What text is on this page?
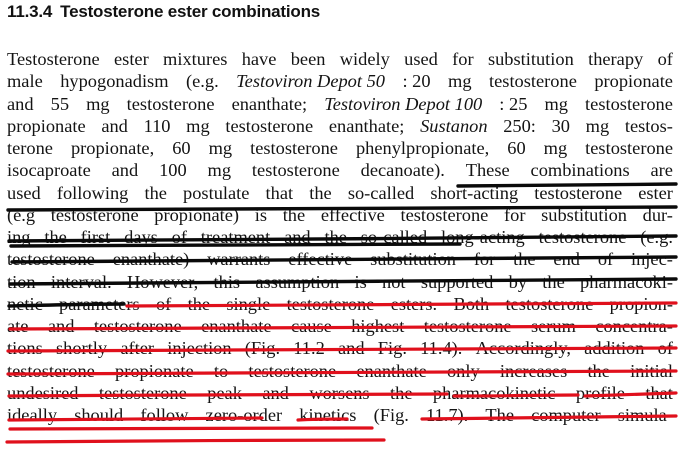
11.3.4 Testosterone ester combinations
Testosterone ester mixtures have been widely used for substitution therapy of
male hypogonadism (e.g. Testoviron Depot 50 : 20 mg testosterone propionate
and 55 mg testosterone enanthate; Testoviron Depot 100 : 25 mg testosterone
propionate and 110 mg testosterone enanthate; Sustanon 250: 30 mg testos-
terone propionate, 60 mg testosterone phenylpropionate, 60 mg testosterone
isocaproate and 100 mg testosterone decanoate). These combinations are
used following the postulate that the so-called short-acting testosterone ester
(e.g testosterone propionate) is the effective testosterone for substitution dur-
ing the first days of treatment and the so-called long-acting testosterone (e.g.
testosterone enanthate) warrants effective substitution for the end of injec-
tion interval. However, this assumption is not supported by the pharmacoki-
netic parameters of the single testosterone esters. Both testosterone propion-
ate and testosterone enanthate cause highest testosterone serum concentra-
tions shortly after injection (Fig. 11.2 and Fig. 11.4). Accordingly, addition of
testosterone propionate to testosterone enanthate only increases the initial
undesired testosterone peak and worsens the pharmacokinetic profile that
ideally should follow zero-order kinetics (Fig. 11.7). The computer simula-
